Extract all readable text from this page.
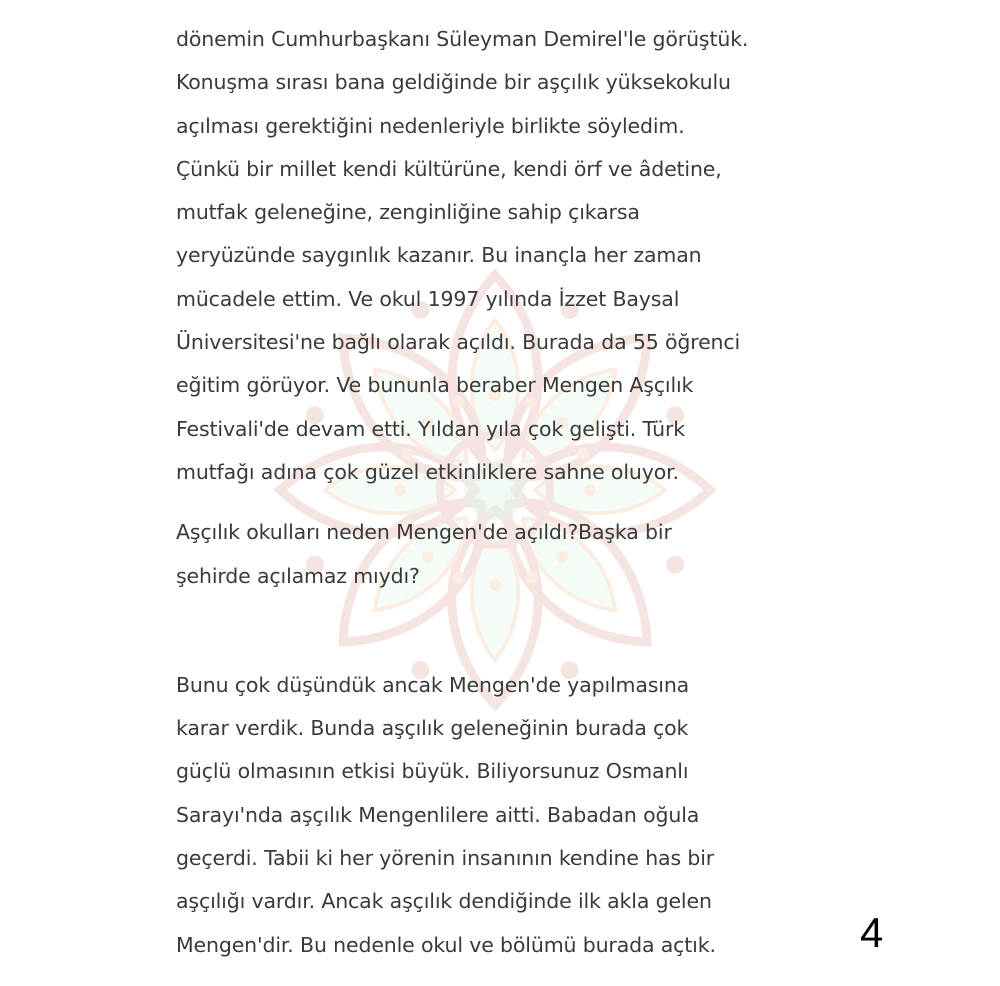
dönemin Cumhurbaşkanı Süleyman Demirel'le görüştük.
Konuşma sırası bana geldiğinde bir aşçılık yüksekokulu
açılması gerektiğini nedenleriyle birlikte söyledim.
Çünkü bir millet kendi kültürüne, kendi örf ve âdetine,
mutfak geleneğine, zenginliğine sahip çıkarsa
yeryüzünde saygınlık kazanır. Bu inançla her zaman
mücadele ettim. Ve okul 1997 yılında İzzet Baysal
Üniversitesi'ne bağlı olarak açıldı. Burada da 55 öğrenci
eğitim görüyor. Ve bununla beraber Mengen Aşçılık
Festivali'de devam etti. Yıldan yıla çok gelişti. Türk
mutfağı adına çok güzel etkinliklere sahne oluyor.

Aşçılık okulları neden Mengen'de açıldı?Başka bir
şehirde açılamaz mıydı?

Bunu çok düşündük ancak Mengen'de yapılmasına
karar verdik. Bunda aşçılık geleneğinin burada çok
güçlü olmasının etkisi büyük. Biliyorsunuz Osmanlı
Sarayı'nda aşçılık Mengenlilere aitti. Babadan oğula
geçerdi. Tabii ki her yörenin insanının kendine has bir
aşçılığı vardır. Ancak aşçılık dendiğinde ilk akla gelen
Mengen'dir. Bu nedenle okul ve bölümü burada açtık.	4
